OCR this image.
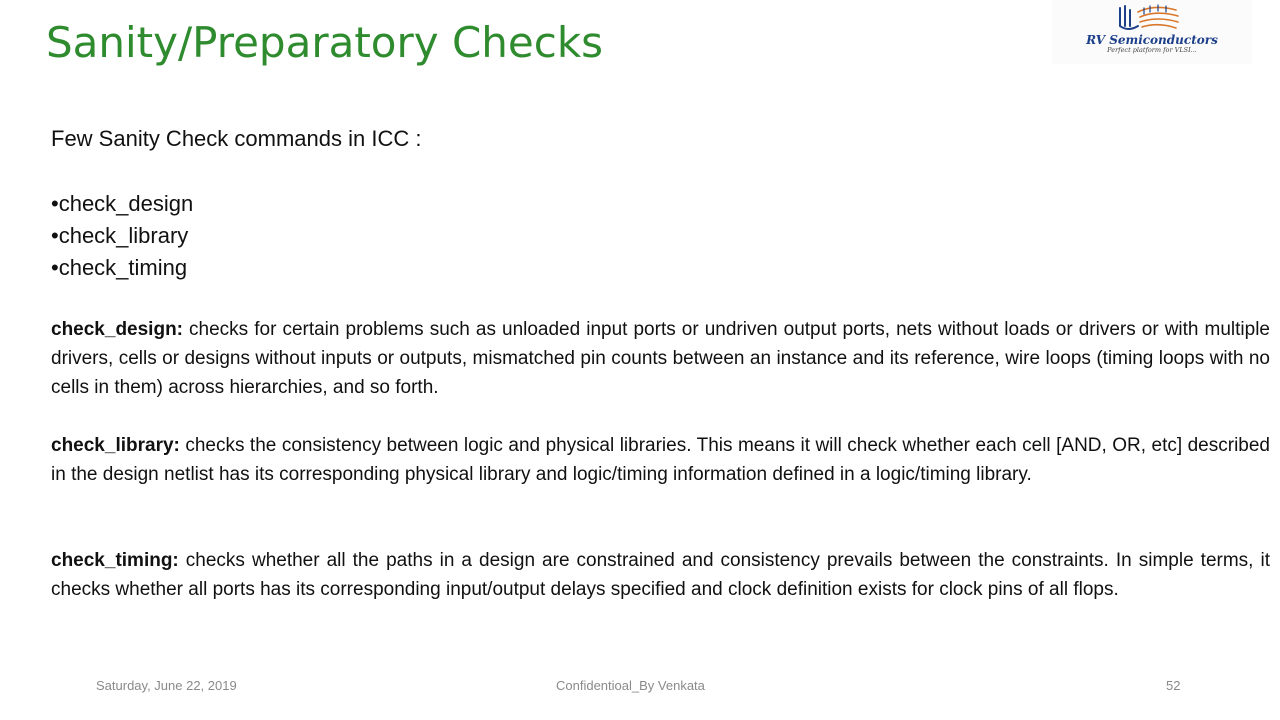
Sanity/Preparatory Checks	RV Semiconductors
Perfect platform for VLSI...

Few Sanity Check commands in ICC :

•check_design
•check_library
•check_timing

check_design: checks for certain problems such as unloaded input ports or undriven output ports, nets without loads or drivers or with multiple drivers, cells or designs without inputs or outputs, mismatched pin counts between an instance and its reference, wire loops (timing loops with no cells in them) across hierarchies, and so forth.

check_library: checks the consistency between logic and physical libraries. This means it will check whether each cell [AND, OR, etc] described in the design netlist has its corresponding physical library and logic/timing information defined in a logic/timing library.

check_timing: checks whether all the paths in a design are constrained and consistency prevails between the constraints. In simple terms, it checks whether all ports has its corresponding input/output delays specified and clock definition exists for clock pins of all flops.

Saturday, June 22, 2019	Confidentioal_By Venkata	52
